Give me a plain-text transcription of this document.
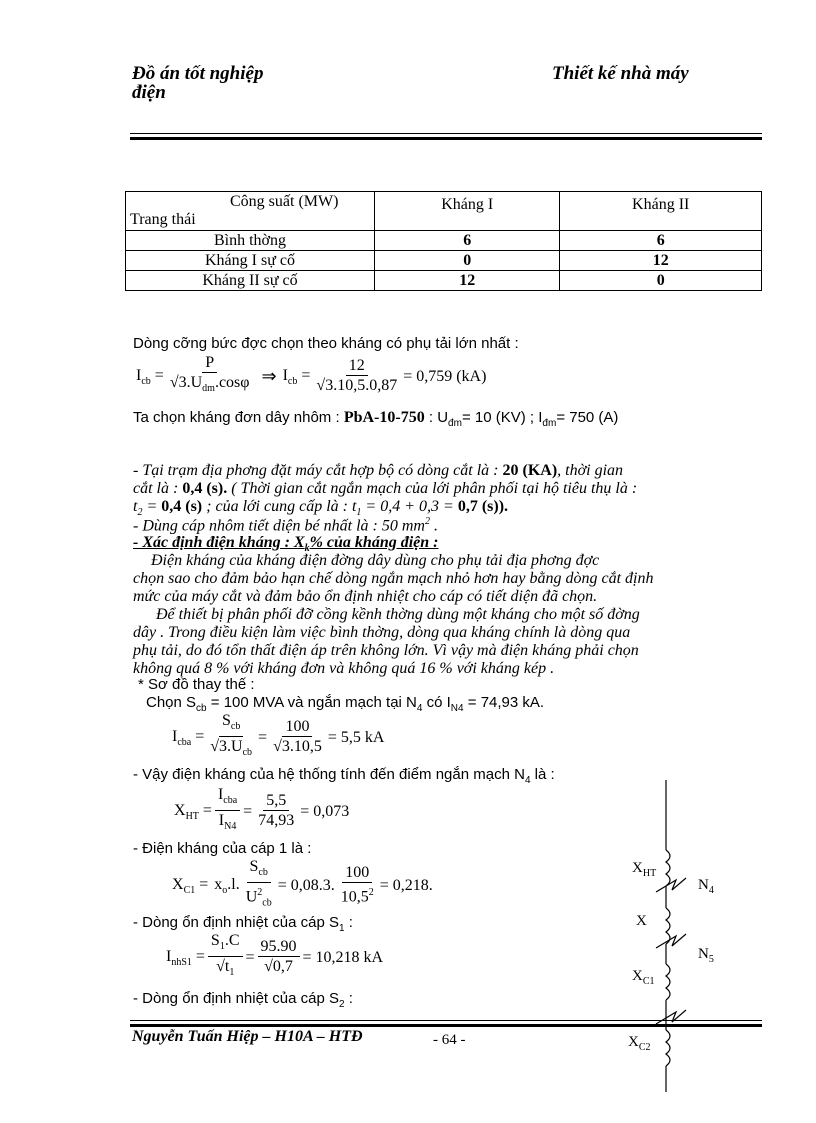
Đồ án tốt nghiệp
điện
Thiết kế nhà máy
Công suất (MW)
Trang thái	Kháng I	Kháng II
Bình thờng	6	6
Kháng I sự cố	0	12
Kháng II sự cố	12	0
Dòng cỡng bức đợc chọn theo kháng có phụ tải lớn nhất :
$I_{cb} = \frac{P}{√3.U_{dm}.\cos\varphi}$ ⇒ $I_{cb} = \frac{12}{√3.10,5.0,87} = 0,759$ (kA)
Ta chọn kháng đơn dây nhôm : PbA-10-750 : $U_{đm}= 10$ (KV) ; $I_{đm}= 750$ (A)
- Tại trạm địa phơng đặt máy cắt hợp bộ có dòng cắt là : 20 (KA), thời gian
cắt là : 0,4 (s). ( Thời gian cắt ngắn mạch của lới phân phối tại hộ tiêu thụ là :
$t_2 = 0,4$ (s) ; của lới cung cấp là : $t_1 = 0,4 + 0,3 = 0,7$ (s)).
- Dùng cáp nhôm tiết diện bé nhất là : 50 $mm^2$ .
- Xác định điện kháng : $X_k\%$ của kháng điện :
Điện kháng của kháng điện đờng dây dùng cho phụ tải địa phơng đợc
chọn sao cho đảm bảo hạn chế dòng ngắn mạch nhỏ hơn hay bằng dòng cắt định
mức của máy cắt và đảm bảo ổn định nhiệt cho cáp có tiết diện đã chọn.
Để thiết bị phân phối đỡ cồng kềnh thờng dùng một kháng cho một số đờng
dây . Trong điều kiện làm việc bình thờng, dòng qua kháng chính là dòng qua
phụ tải, do đó tổn thất điện áp trên không lớn. Vì vậy mà điện kháng phải chọn
không quá 8 % với kháng đơn và không quá 16 % với kháng kép .
* Sơ đồ thay thế :
Chọn $S_{cb} = 100$ MVA và ngắn mạch tại $N_4$ có $I_{N4} = 74,93$ kA.
$I_{cba} = \frac{S_{cb}}{√3.U_{cb}} = \frac{100}{√3.10,5} = 5,5$ kA
- Vậy điện kháng của hệ thống tính đến điểm ngắn mạch $N_4$ là :
$X_{HT} = \frac{I_{cba}}{I_{N4}} = \frac{5,5}{74,93} = 0,073$
- Điện kháng của cáp 1 là :
$X_{C1} = x_o.l$. $\frac{S_{cb}}{U^2_{cb}} = 0,08.3$. $\frac{100}{10,5^2} = 0,218$.
- Dòng ổn định nhiệt của cáp $S_1$ :
$I_{nhS1} = \frac{S_1.C}{√t_1} = \frac{95.90}{√0,7} = 10,218$ kA
- Dòng ổn định nhiệt của cáp $S_2$ :
$X_{HT}$
$N_4$
X
$N_5$
$X_{C1}$
$X_{C2}$
Nguyễn Tuấn Hiệp – H10A – HTĐ	- 64 -
